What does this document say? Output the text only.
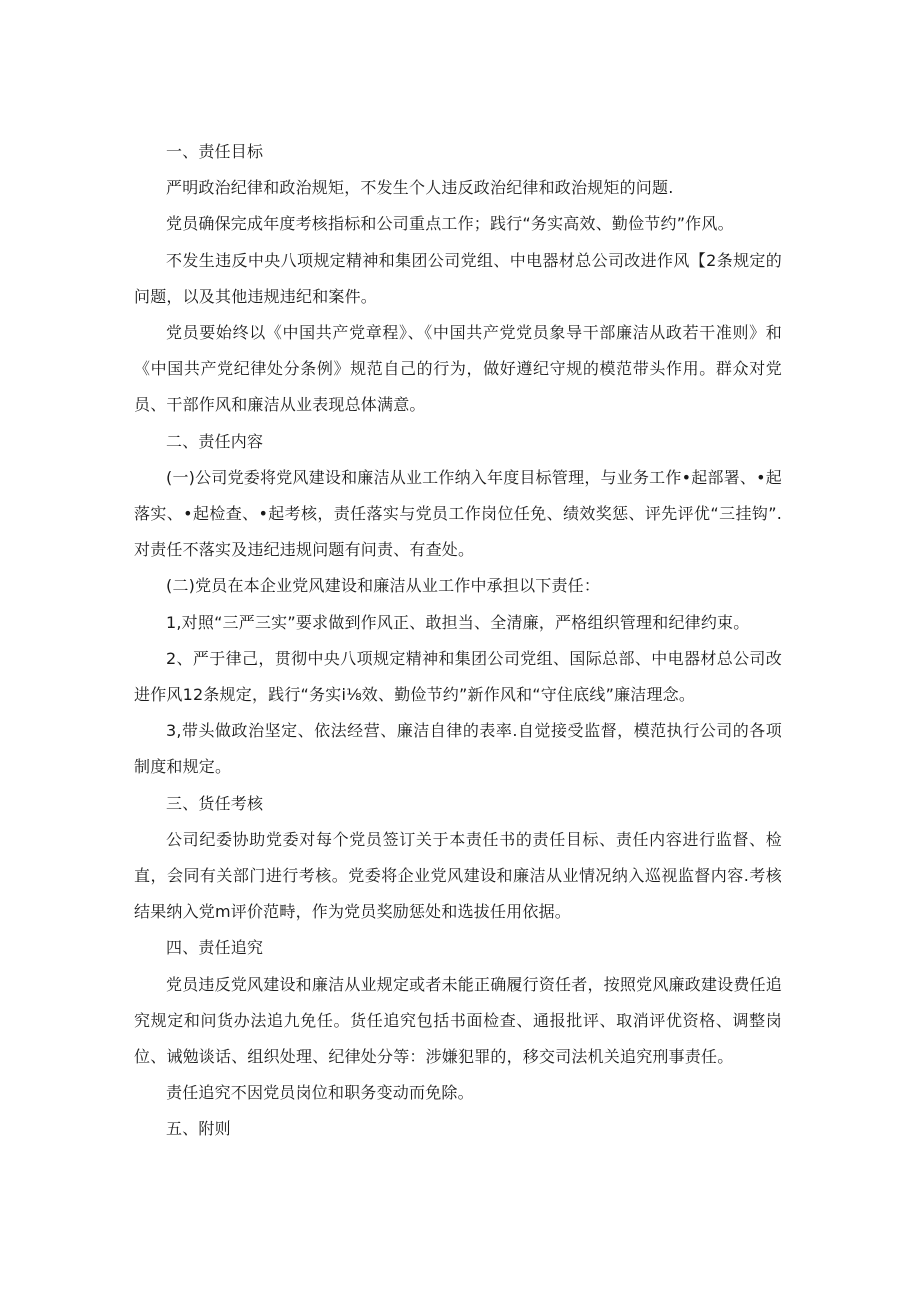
一、责任目标

严明政治纪律和政治规矩，不发生个人违反政治纪律和政治规矩的问题.

党员确保完成年度考核指标和公司重点工作；践行“务实高效、勤俭节约”作风。

不发生违反中央八项规定精神和集团公司党组、中电器材总公司改进作风【2条规定的问题，以及其他违规违纪和案件。

党员要始终以《中国共产党章程》、《中国共产党党员象导干部廉洁从政若干准则》和《中国共产党纪律处分条例》规范自己的行为，做好遵纪守规的模范带头作用。群众对党员、干部作风和廉洁从业表现总体满意。

二、责任内容

(一)公司党委将党风建设和廉洁从业工作纳入年度目标管理，与业务工作•起部署、•起落实、•起检查、•起考核，责任落实与党员工作岗位任免、绩效奖惩、评先评优“三挂钩”.对责任不落实及违纪违规问题有问责、有查处。

(二)党员在本企业党风建设和廉洁从业工作中承担以下责任：

1,对照“三严三实”要求做到作风正、敢担当、全清廉，严格组织管理和纪律约束。

2、严于律己，贯彻中央八项规定精神和集团公司党组、国际总部、中电器材总公司改进作风12条规定，践行“务实i⅛效、勤俭节约”新作风和“守住底线”廉洁理念。

3,带头做政治坚定、依法经营、廉洁自律的表率.自觉接受监督，模范执行公司的各项制度和规定。

三、货任考核

公司纪委协助党委对每个党员签订关于本责任书的责任目标、责任内容进行监督、检直，会同有关部门进行考核。党委将企业党风建设和廉洁从业情况纳入巡视监督内容.考核结果纳入党m评价范畤，作为党员奖励惩处和选拔任用依据。

四、责任追究

党员违反党风建设和廉洁从业规定或者未能正确履行资任者，按照党风廉政建设费任追究规定和问货办法追九免任。货任追究包括书面检查、通报批评、取消评优资格、调整岗位、诫勉谈话、组织处理、纪律处分等：涉嫌犯罪的，移交司法机关追究刑事责任。

责任追究不因党员岗位和职务变动而免除。

五、附则
